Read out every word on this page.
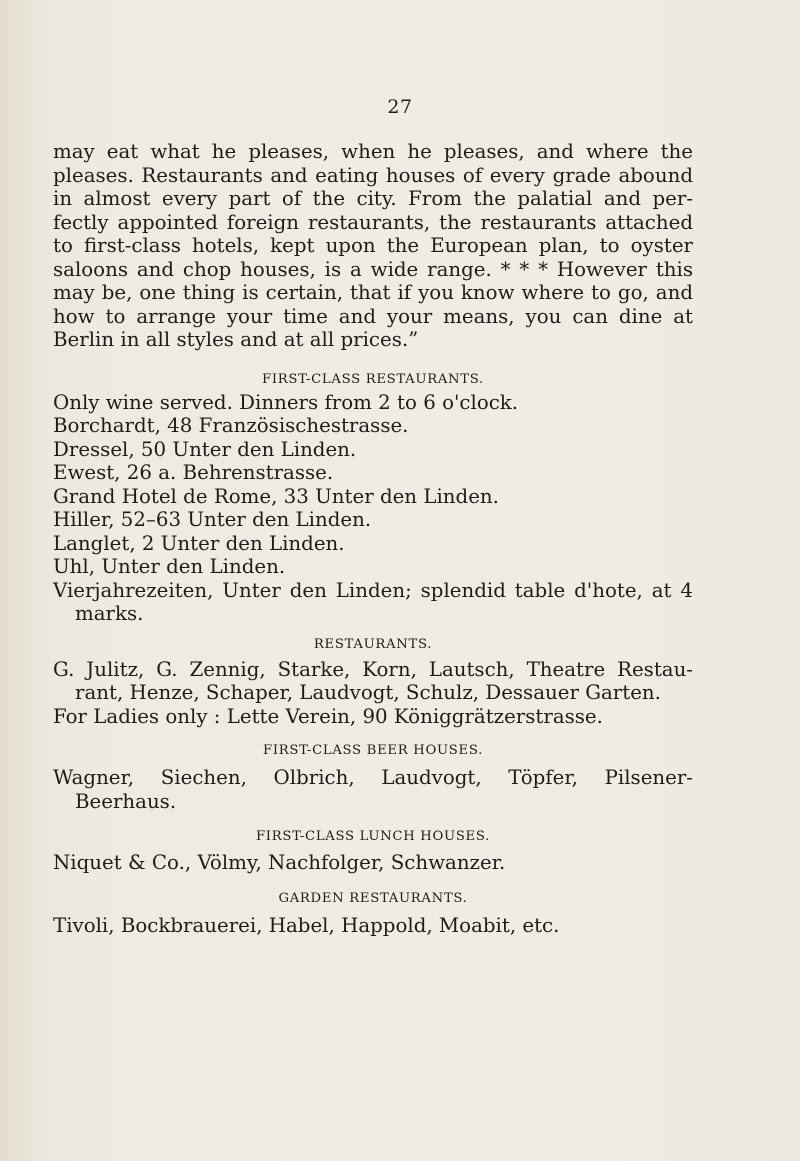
27

may eat what he pleases, when he pleases, and where the pleases. Restaurants and eating houses of every grade abound in almost every part of the city. From the palatial and per- fectly appointed foreign restaurants, the restaurants attached to first-class hotels, kept upon the European plan, to oyster saloons and chop houses, is a wide range. * * * However this may be, one thing is certain, that if you know where to go, and how to arrange your time and your means, you can dine at Berlin in all styles and at all prices.”

FIRST-CLASS RESTAURANTS.
Only wine served. Dinners from 2 to 6 o'clock.
Borchardt, 48 Französischestrasse.
Dressel, 50 Unter den Linden.
Ewest, 26 a. Behrenstrasse.
Grand Hotel de Rome, 33 Unter den Linden.
Hiller, 52–63 Unter den Linden.
Langlet, 2 Unter den Linden.
Uhl, Unter den Linden.
Vierjahrezeiten, Unter den Linden; splendid table d'hote, at 4 marks.
RESTAURANTS.
G. Julitz, G. Zennig, Starke, Korn, Lautsch, Theatre Restau- rant, Henze, Schaper, Laudvogt, Schulz, Dessauer Garten.
For Ladies only : Lette Verein, 90 Königgrätzerstrasse.
FIRST-CLASS BEER HOUSES.
Wagner, Siechen, Olbrich, Laudvogt, Töpfer, Pilsener- Beerhaus.
FIRST-CLASS LUNCH HOUSES.
Niquet & Co., Völmy, Nachfolger, Schwanzer.
GARDEN RESTAURANTS.
Tivoli, Bockbrauerei, Habel, Happold, Moabit, etc.
